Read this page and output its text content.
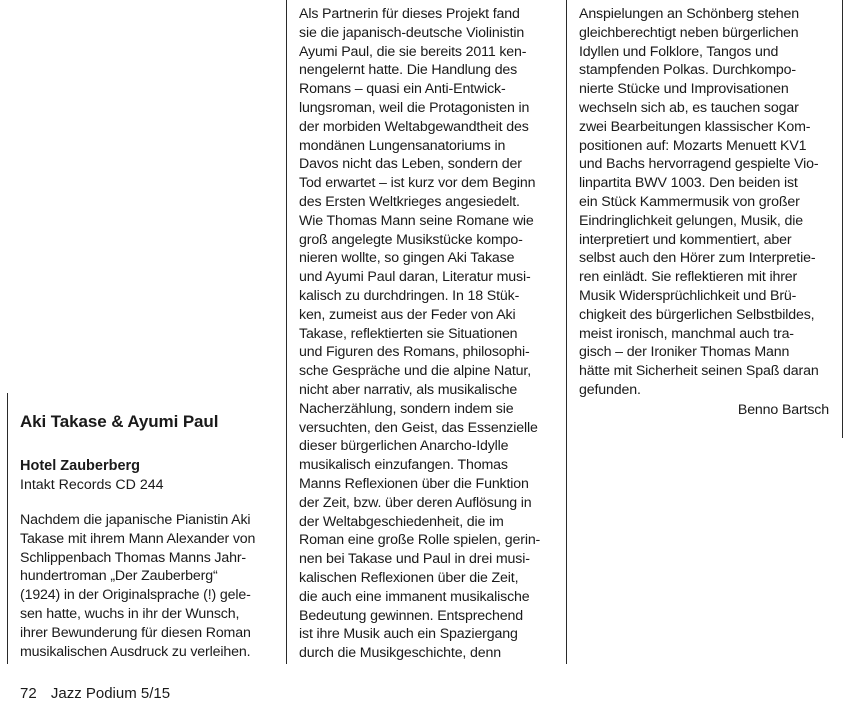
Aki Takase & Ayumi Paul
Hotel Zauberberg
Intakt Records CD 244
Nachdem die japanische Pianistin Aki
Takase mit ihrem Mann Alexander von
Schlippenbach Thomas Manns Jahr-
hundertroman „Der Zauberberg“
(1924) in der Originalsprache (!) gele-
sen hatte, wuchs in ihr der Wunsch,
ihrer Bewunderung für diesen Roman
musikalischen Ausdruck zu verleihen.
Als Partnerin für dieses Projekt fand
sie die japanisch-deutsche Violinistin
Ayumi Paul, die sie bereits 2011 ken-
nengelernt hatte. Die Handlung des
Romans – quasi ein Anti-Entwick-
lungsroman, weil die Protagonisten in
der morbiden Weltabgewandtheit des
mondänen Lungensanatoriums in
Davos nicht das Leben, sondern der
Tod erwartet – ist kurz vor dem Beginn
des Ersten Weltkrieges angesiedelt.
Wie Thomas Mann seine Romane wie
groß angelegte Musikstücke kompo-
nieren wollte, so gingen Aki Takase
und Ayumi Paul daran, Literatur musi-
kalisch zu durchdringen. In 18 Stük-
ken, zumeist aus der Feder von Aki
Takase, reflektierten sie Situationen
und Figuren des Romans, philosophi-
sche Gespräche und die alpine Natur,
nicht aber narrativ, als musikalische
Nacherzählung, sondern indem sie
versuchten, den Geist, das Essenzielle
dieser bürgerlichen Anarcho-Idylle
musikalisch einzufangen. Thomas
Manns Reflexionen über die Funktion
der Zeit, bzw. über deren Auflösung in
der Weltabgeschiedenheit, die im
Roman eine große Rolle spielen, gerin-
nen bei Takase und Paul in drei musi-
kalischen Reflexionen über die Zeit,
die auch eine immanent musikalische
Bedeutung gewinnen. Entsprechend
ist ihre Musik auch ein Spaziergang
durch die Musikgeschichte, denn
Anspielungen an Schönberg stehen
gleichberechtigt neben bürgerlichen
Idyllen und Folklore, Tangos und
stampfenden Polkas. Durchkompo-
nierte Stücke und Improvisationen
wechseln sich ab, es tauchen sogar
zwei Bearbeitungen klassischer Kom-
positionen auf: Mozarts Menuett KV1
und Bachs hervorragend gespielte Vio-
linpartita BWV 1003. Den beiden ist
ein Stück Kammermusik von großer
Eindringlichkeit gelungen, Musik, die
interpretiert und kommentiert, aber
selbst auch den Hörer zum Interpretie-
ren einlädt. Sie reflektieren mit ihrer
Musik Widersprüchlichkeit und Brü-
chigkeit des bürgerlichen Selbstbildes,
meist ironisch, manchmal auch tra-
gisch – der Ironiker Thomas Mann
hätte mit Sicherheit seinen Spaß daran
gefunden.
Benno Bartsch
72 Jazz Podium 5/15
